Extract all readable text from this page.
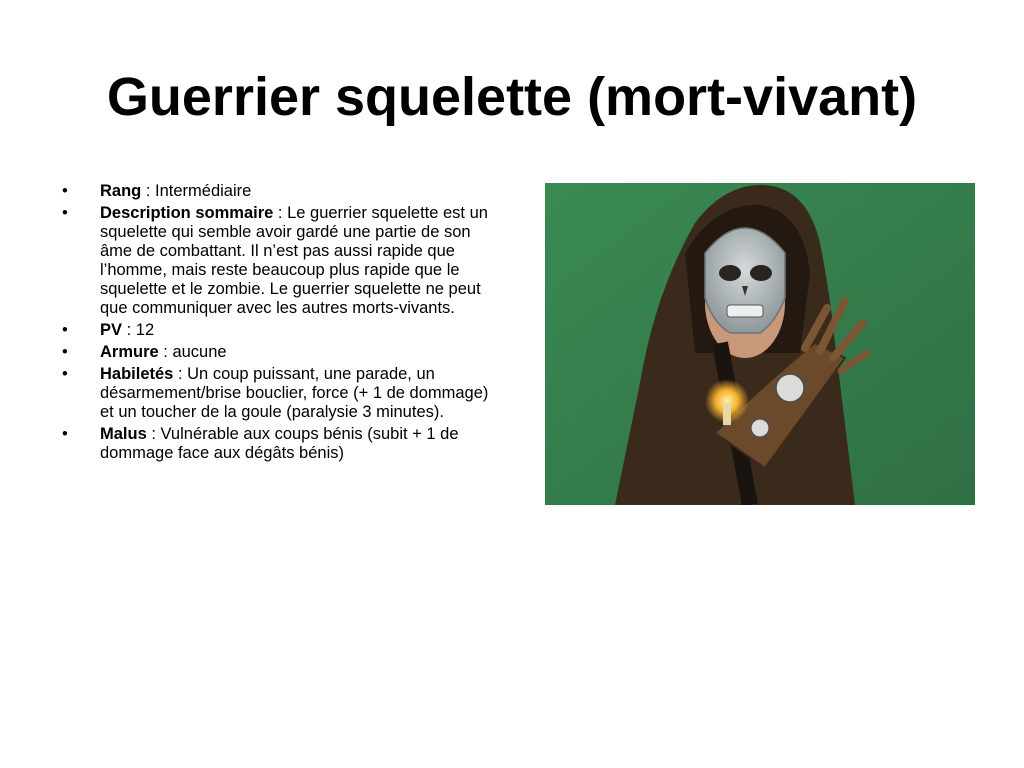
Guerrier squelette (mort-vivant)
• Rang : Intermédiaire
• Description sommaire : Le guerrier squelette est un squelette qui semble avoir gardé une partie de son âme de combattant. Il n’est pas aussi rapide que l’homme, mais reste beaucoup plus rapide que le squelette et le zombie. Le guerrier squelette ne peut que communiquer avec les autres morts-vivants.
• PV : 12
• Armure : aucune
• Habiletés : Un coup puissant, une parade, un désarmement/brise bouclier, force (+ 1 de dommage) et un toucher de la goule (paralysie 3 minutes).
• Malus : Vulnérable aux coups bénis (subit + 1 de dommage face aux dégâts bénis)
